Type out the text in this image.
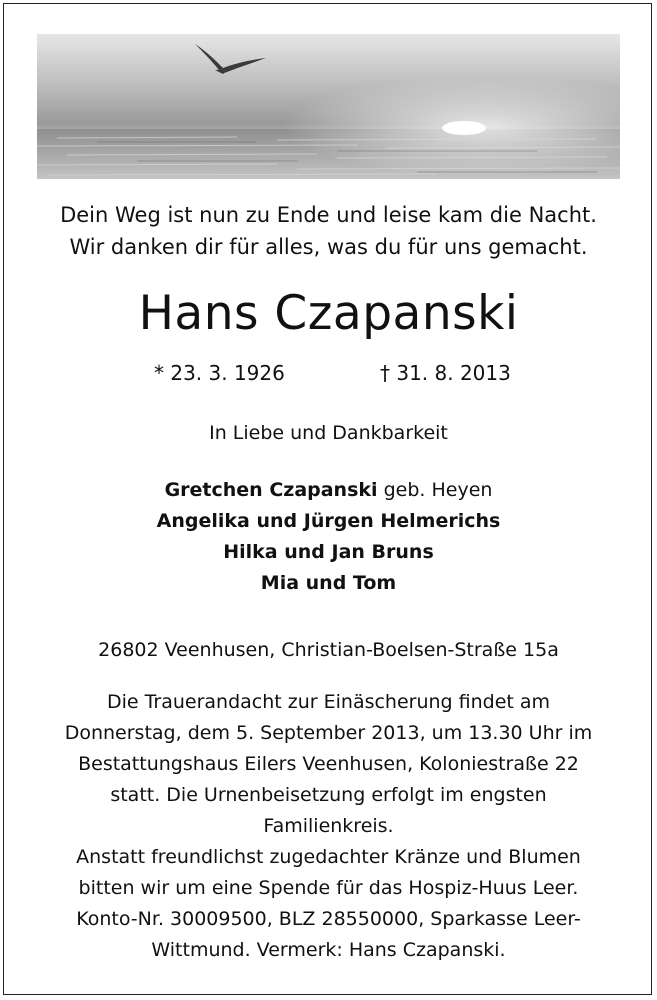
Dein Weg ist nun zu Ende und leise kam die Nacht.
Wir danken dir für alles, was du für uns gemacht.
Hans Czapanski
* 23. 3. 1926	† 31. 8. 2013
In Liebe und Dankbarkeit
Gretchen Czapanski geb. Heyen
Angelika und Jürgen Helmerichs
Hilka und Jan Bruns
Mia und Tom
26802 Veenhusen, Christian-Boelsen-Straße 15a
Die Trauerandacht zur Einäscherung findet am
Donnerstag, dem 5. September 2013, um 13.30 Uhr im
Bestattungshaus Eilers Veenhusen, Koloniestraße 22
statt. Die Urnenbeisetzung erfolgt im engsten
Familienkreis.
Anstatt freundlichst zugedachter Kränze und Blumen
bitten wir um eine Spende für das Hospiz-Huus Leer.
Konto-Nr. 30009500, BLZ 28550000, Sparkasse Leer-
Wittmund. Vermerk: Hans Czapanski.
